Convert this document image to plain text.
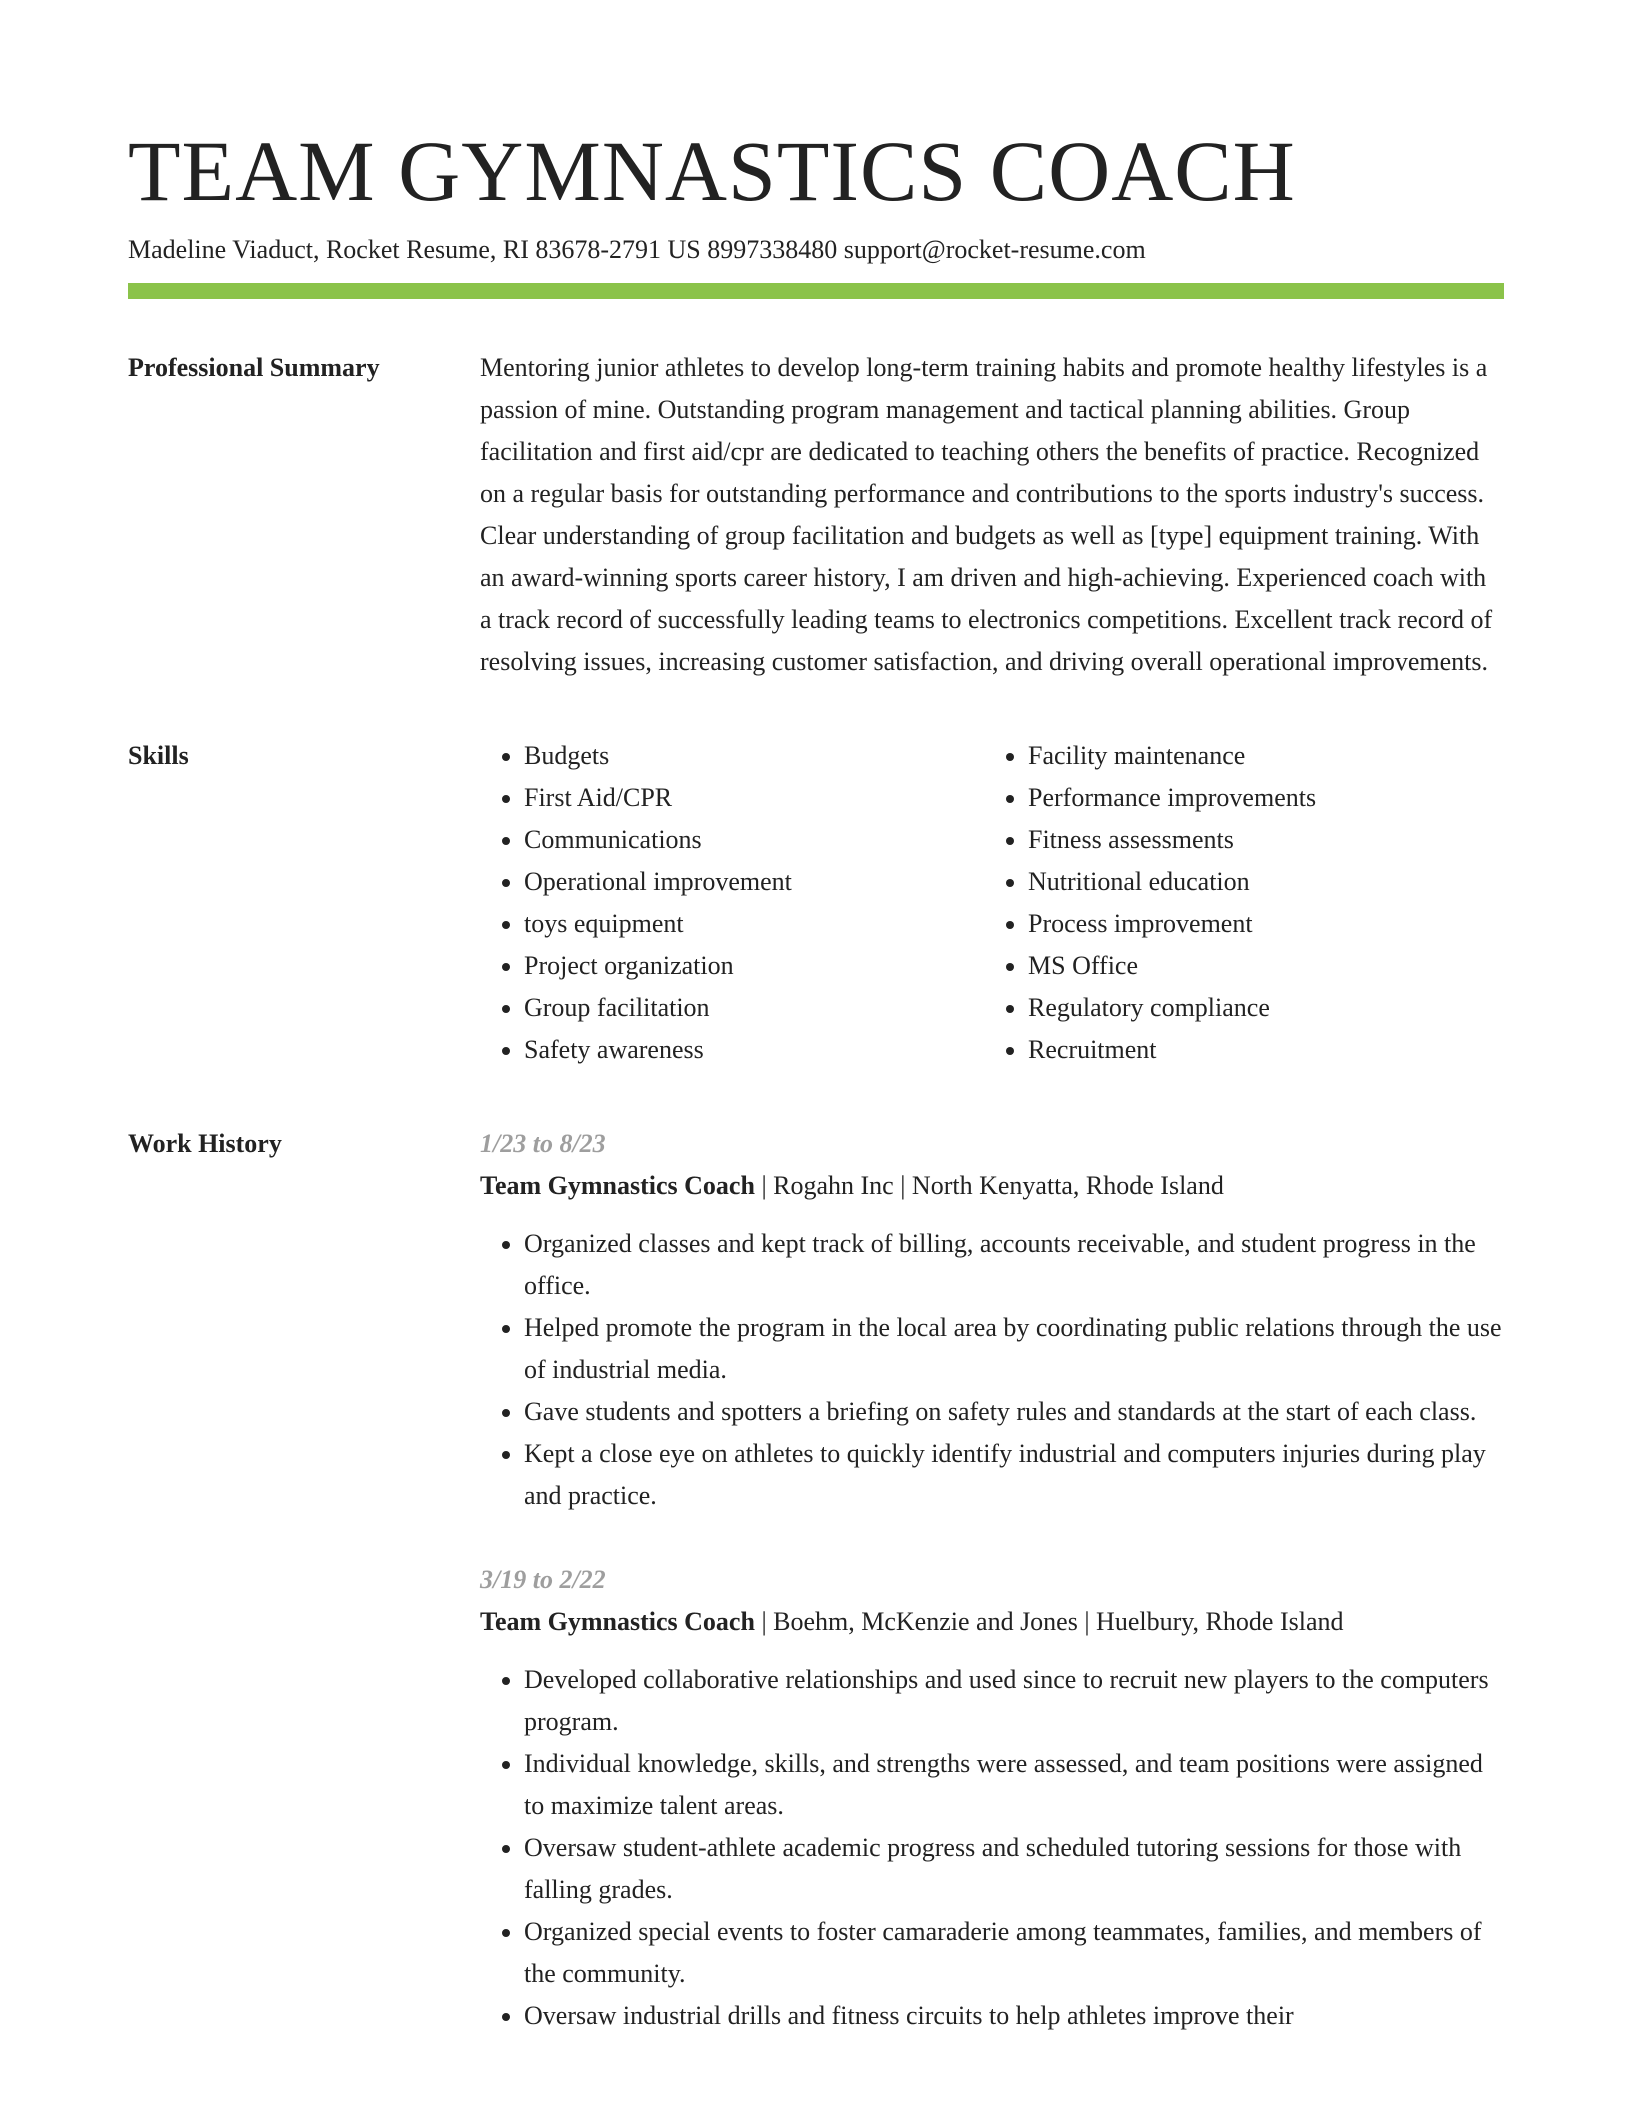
TEAM GYMNASTICS COACH
Madeline Viaduct, Rocket Resume, RI 83678-2791 US 8997338480 support@rocket-resume.com
Professional Summary	Mentoring junior athletes to develop long-term training habits and promote healthy lifestyles is a passion of mine. Outstanding program management and tactical planning abilities. Group facilitation and first aid/cpr are dedicated to teaching others the benefits of practice. Recognized on a regular basis for outstanding performance and contributions to the sports industry's success. Clear understanding of group facilitation and budgets as well as [type] equipment training. With an award-winning sports career history, I am driven and high-achieving. Experienced coach with a track record of successfully leading teams to electronics competitions. Excellent track record of resolving issues, increasing customer satisfaction, and driving overall operational improvements.

Skills
•	Budgets
• First Aid/CPR
• Communications
• Operational improvement
• toys equipment
• Project organization
• Group facilitation
• Safety awareness
• Facility maintenance
• Performance improvements
• Fitness assessments
• Nutritional education
• Process improvement
• MS Office
• Regulatory compliance
• Recruitment
Work History	1/23 to 8/23
Team Gymnastics Coach | Rogahn Inc | North Kenyatta, Rhode Island
• Organized classes and kept track of billing, accounts receivable, and student progress in the office.
• Helped promote the program in the local area by coordinating public relations through the use of industrial media.
• Gave students and spotters a briefing on safety rules and standards at the start of each class.
• Kept a close eye on athletes to quickly identify industrial and computers injuries during play and practice.
3/19 to 2/22
Team Gymnastics Coach | Boehm, McKenzie and Jones | Huelbury, Rhode Island
• Developed collaborative relationships and used since to recruit new players to the computers program.
• Individual knowledge, skills, and strengths were assessed, and team positions were assigned to maximize talent areas.
• Oversaw student-athlete academic progress and scheduled tutoring sessions for those with falling grades.
• Organized special events to foster camaraderie among teammates, families, and members of the community.
• Oversaw industrial drills and fitness circuits to help athletes improve their
